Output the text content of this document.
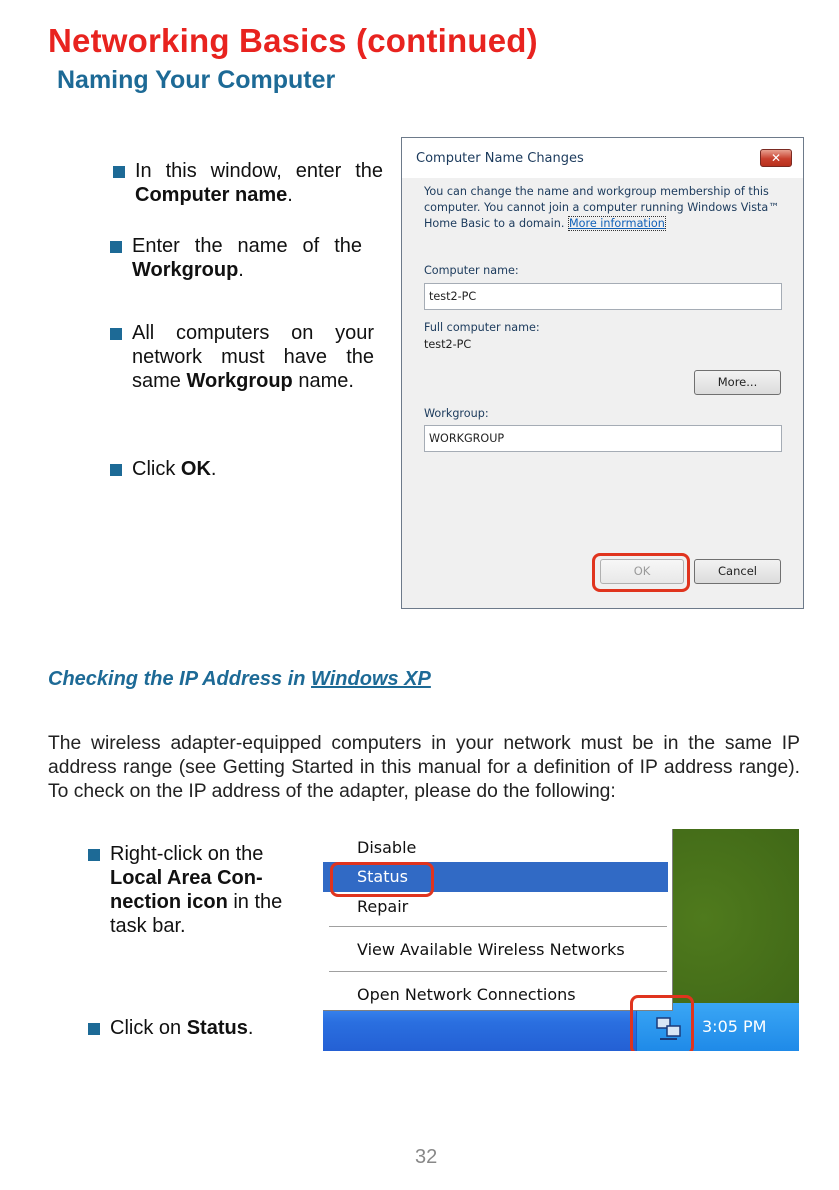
Networking Basics (continued)
Naming Your Computer
In this window, enter the Computer name.
Enter the name of the Workgroup.
All computers on your network must have the same Workgroup name.
Click OK.
Computer Name Changes	✕
You can change the name and workgroup membership of this computer. You cannot join a computer running Windows Vista™ Home Basic to a domain. More information
Computer name:
test2-PC
Full computer name:
test2-PC
More...
Workgroup:
WORKGROUP
OK	Cancel
Checking the IP Address in Windows XP
The wireless adapter-equipped computers in your network must be in the same IP address range (see Getting Started in this manual for a definition of IP address range). To check on the IP address of the adapter, please do the following:
Right-click on the Local Area Con-nection icon in the task bar.
Click on Status.	3:05 PM
Disable
Status
Repair
View Available Wireless Networks
Open Network Connections
32
